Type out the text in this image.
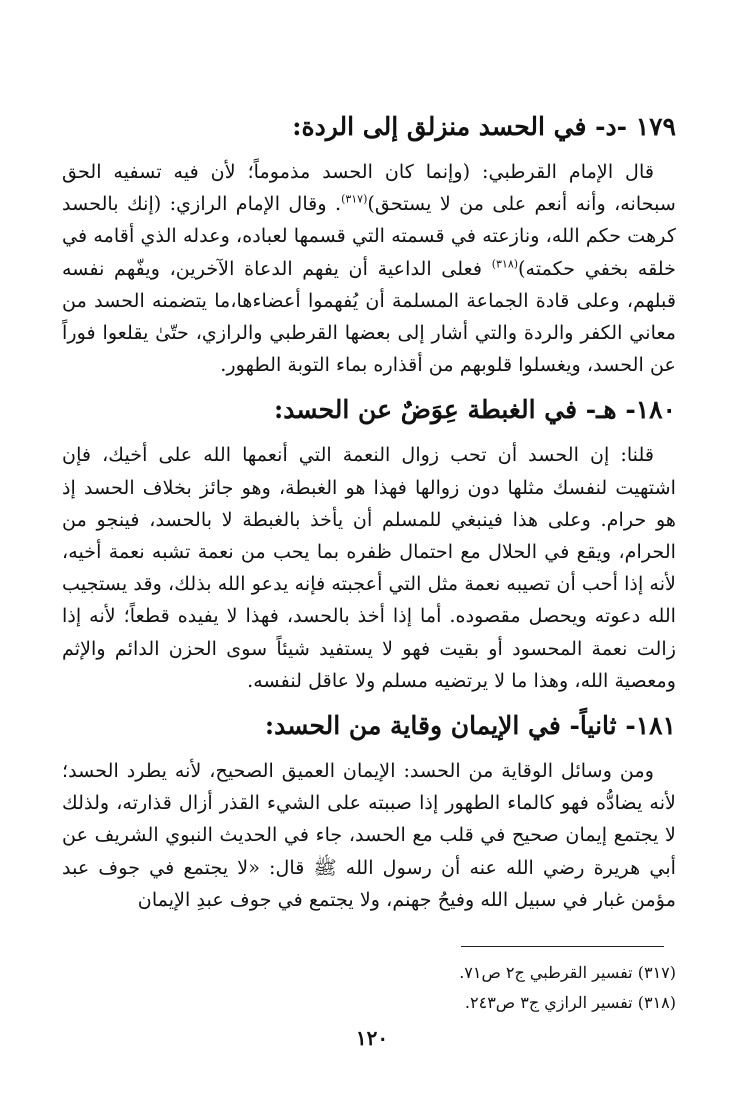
١٧٩ -د- في الحسد منزلق إلى الردة:

قال الإمام القرطبي: (وإنما كان الحسد مذموماً؛ لأن فيه تسفيه الحق سبحانه، وأنه أنعم على من لا يستحق)$^{(٣١٧)}$. وقال الإمام الرازي: (إنك بالحسد كرهت حكم الله، ونازعته في قسمته التي قسمها لعباده، وعدله الذي أقامه في خلقه بخفي حكمته)$^{(٣١٨)}$ فعلى الداعية أن يفهم الدعاة الآخرين، ويفّهم نفسه قبلهم، وعلى قادة الجماعة المسلمة أن يُفهموا أعضاءها،ما يتضمنه الحسد من معاني الكفر والردة والتي أشار إلى بعضها القرطبي والرازي، حتّىٰ يقلعوا فوراً عن الحسد، ويغسلوا قلوبهم من أقذاره بماء التوبة الطهور.

١٨٠- هـ- في الغبطة عِوَضٌ عن الحسد:

قلنا: إن الحسد أن تحب زوال النعمة التي أنعمها الله على أخيك، فإن اشتهيت لنفسك مثلها دون زوالها فهذا هو الغبطة، وهو جائز بخلاف الحسد إذ هو حرام. وعلى هذا فينبغي للمسلم أن يأخذ بالغبطة لا بالحسد، فينجو من الحرام، ويقع في الحلال مع احتمال ظفره بما يحب من نعمة تشبه نعمة أخيه، لأنه إذا أحب أن تصيبه نعمة مثل التي أعجبته فإنه يدعو الله بذلك، وقد يستجيب الله دعوته ويحصل مقصوده. أما إذا أخذ بالحسد، فهذا لا يفيده قطعاً؛ لأنه إذا زالت نعمة المحسود أو بقيت فهو لا يستفيد شيئاً سوى الحزن الدائم والإثم ومعصية الله، وهذا ما لا يرتضيه مسلم ولا عاقل لنفسه.

١٨١- ثانياً- في الإيمان وقاية من الحسد:

ومن وسائل الوقاية من الحسد: الإيمان العميق الصحيح، لأنه يطرد الحسد؛ لأنه يضادُّه فهو كالماء الطهور إذا صببته على الشيء القذر أزال قذارته، ولذلك لا يجتمع إيمان صحيح في قلب مع الحسد، جاء في الحديث النبوي الشريف عن أبي هريرة رضي الله عنه أن رسول الله ﷺ قال: «لا يجتمع في جوف عبد مؤمن غبار في سبيل الله وفيحُ جهنم، ولا يجتمع في جوف عبدِ الإيمان

(٣١٧) تفسير القرطبي ج٢ ص٧١.
(٣١٨) تفسير الرازي ج٣ ص٢٤٣.
١٢٠
